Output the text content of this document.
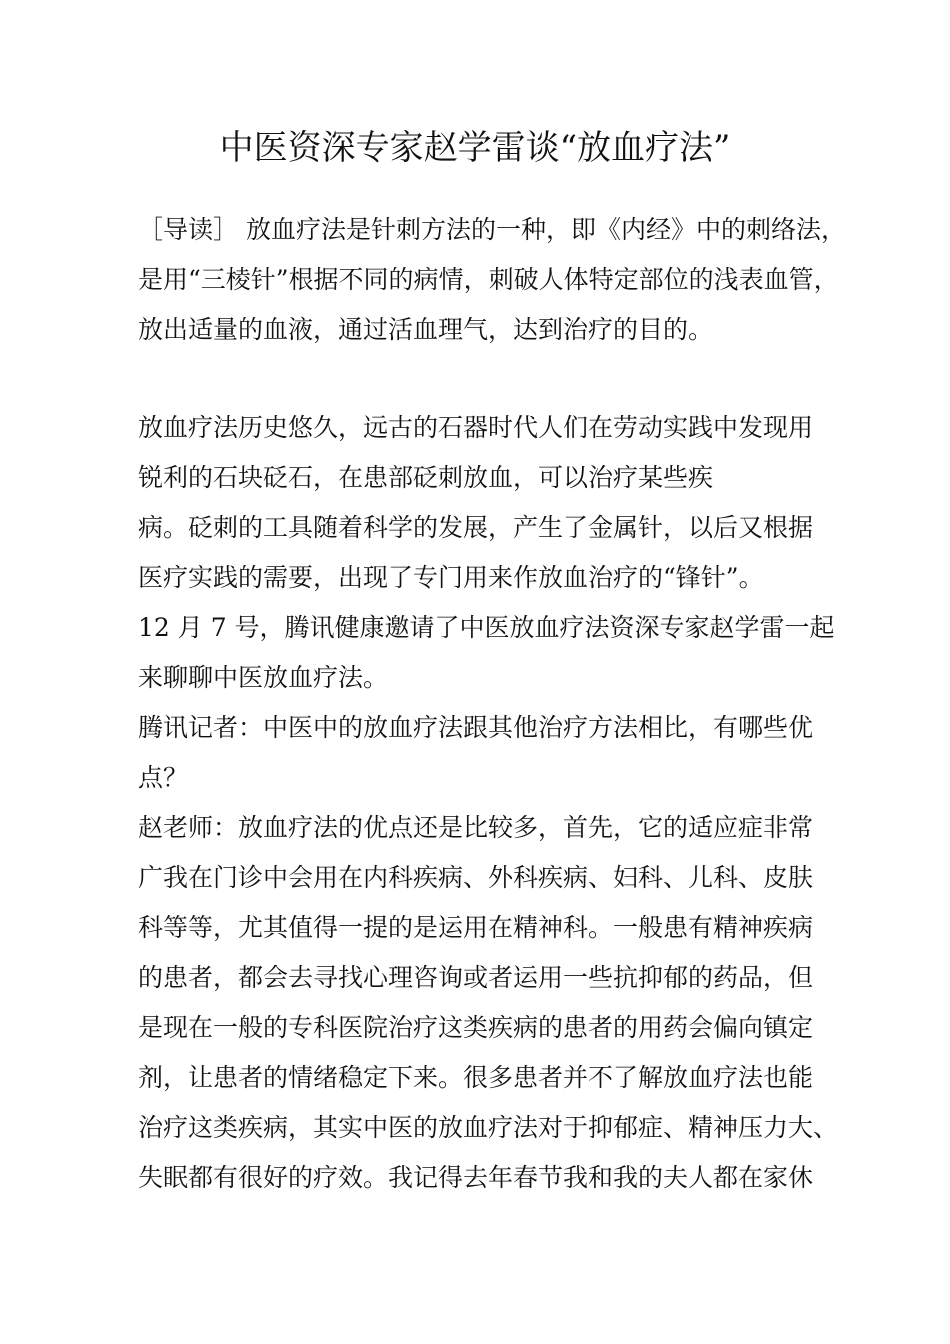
中医资深专家赵学雷谈“放血疗法”
［导读］ 放血疗法是针刺方法的一种，即《内经》中的刺络法，
是用“三棱针”根据不同的病情，刺破人体特定部位的浅表血管，
放出适量的血液，通过活血理气，达到治疗的目的。
放血疗法历史悠久，远古的石器时代人们在劳动实践中发现用
锐利的石块砭石，在患部砭刺放血，可以治疗某些疾
病。砭刺的工具随着科学的发展，产生了金属针，以后又根据
医疗实践的需要，出现了专门用来作放血治疗的“锋针”。
12 月 7 号，腾讯健康邀请了中医放血疗法资深专家赵学雷一起
来聊聊中医放血疗法。
腾讯记者：中医中的放血疗法跟其他治疗方法相比，有哪些优
点？
赵老师：放血疗法的优点还是比较多，首先，它的适应症非常
广我在门诊中会用在内科疾病、外科疾病、妇科、儿科、皮肤
科等等，尤其值得一提的是运用在精神科。一般患有精神疾病
的患者，都会去寻找心理咨询或者运用一些抗抑郁的药品，但
是现在一般的专科医院治疗这类疾病的患者的用药会偏向镇定
剂，让患者的情绪稳定下来。很多患者并不了解放血疗法也能
治疗这类疾病，其实中医的放血疗法对于抑郁症、精神压力大、
失眠都有很好的疗效。我记得去年春节我和我的夫人都在家休
